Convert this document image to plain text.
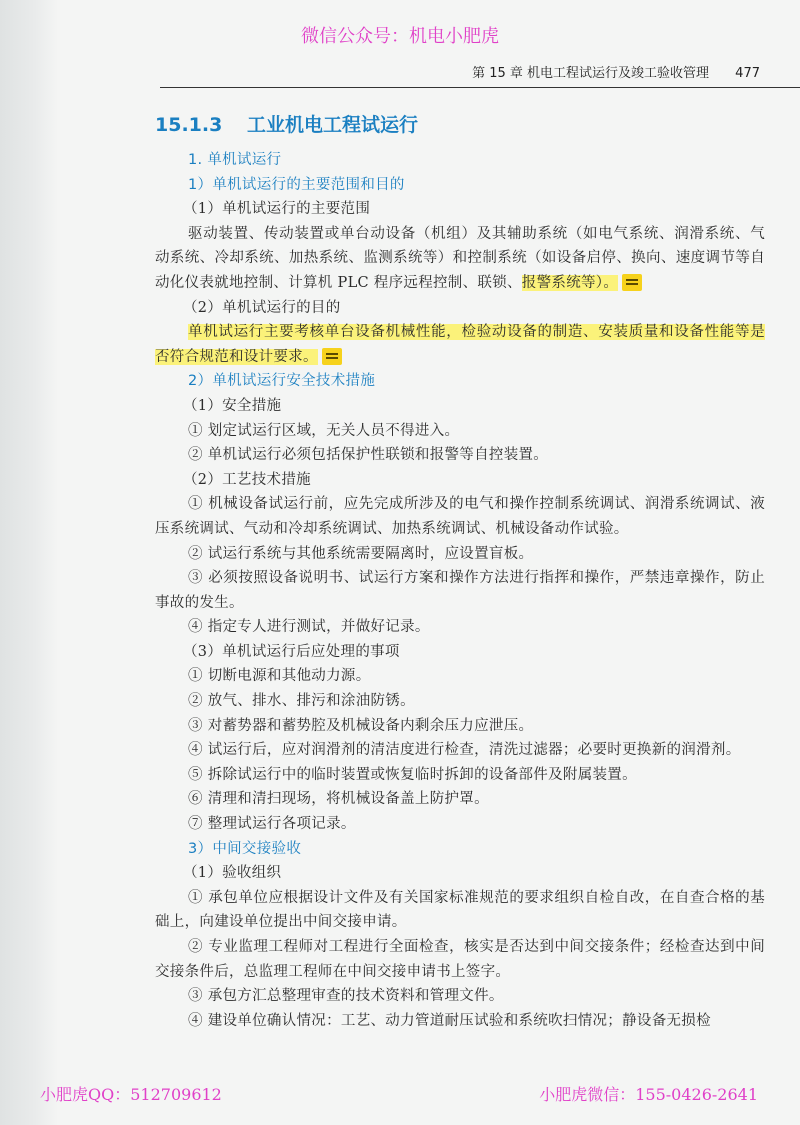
微信公众号：机电小肥虎
第 15 章 机电工程试运行及竣工验收管理 477
15.1.3 工业机电工程试运行

1. 单机试运行

1）单机试运行的主要范围和目的

（1）单机试运行的主要范围

驱动装置、传动装置或单台动设备（机组）及其辅助系统（如电气系统、润滑系统、气动系统、冷却系统、加热系统、监测系统等）和控制系统（如设备启停、换向、速度调节等自动化仪表就地控制、计算机 PLC 程序远程控制、联锁、报警系统等）。

（2）单机试运行的目的

单机试运行主要考核单台设备机械性能，检验动设备的制造、安装质量和设备性能等是否符合规范和设计要求。

2）单机试运行安全技术措施

（1）安全措施

① 划定试运行区域，无关人员不得进入。

② 单机试运行必须包括保护性联锁和报警等自控装置。

（2）工艺技术措施

① 机械设备试运行前，应先完成所涉及的电气和操作控制系统调试、润滑系统调试、液压系统调试、气动和冷却系统调试、加热系统调试、机械设备动作试验。

② 试运行系统与其他系统需要隔离时，应设置盲板。

③ 必须按照设备说明书、试运行方案和操作方法进行指挥和操作，严禁违章操作，防止事故的发生。

④ 指定专人进行测试，并做好记录。

（3）单机试运行后应处理的事项

① 切断电源和其他动力源。

② 放气、排水、排污和涂油防锈。

③ 对蓄势器和蓄势腔及机械设备内剩余压力应泄压。

④ 试运行后，应对润滑剂的清洁度进行检查，清洗过滤器；必要时更换新的润滑剂。

⑤ 拆除试运行中的临时装置或恢复临时拆卸的设备部件及附属装置。

⑥ 清理和清扫现场，将机械设备盖上防护罩。

⑦ 整理试运行各项记录。

3）中间交接验收

（1）验收组织

① 承包单位应根据设计文件及有关国家标准规范的要求组织自检自改，在自查合格的基础上，向建设单位提出中间交接申请。

② 专业监理工程师对工程进行全面检查，核实是否达到中间交接条件；经检查达到中间交接条件后，总监理工程师在中间交接申请书上签字。

③ 承包方汇总整理审查的技术资料和管理文件。

④ 建设单位确认情况：工艺、动力管道耐压试验和系统吹扫情况；静设备无损检

小肥虎QQ：512709612	小肥虎微信：155-0426-2641
